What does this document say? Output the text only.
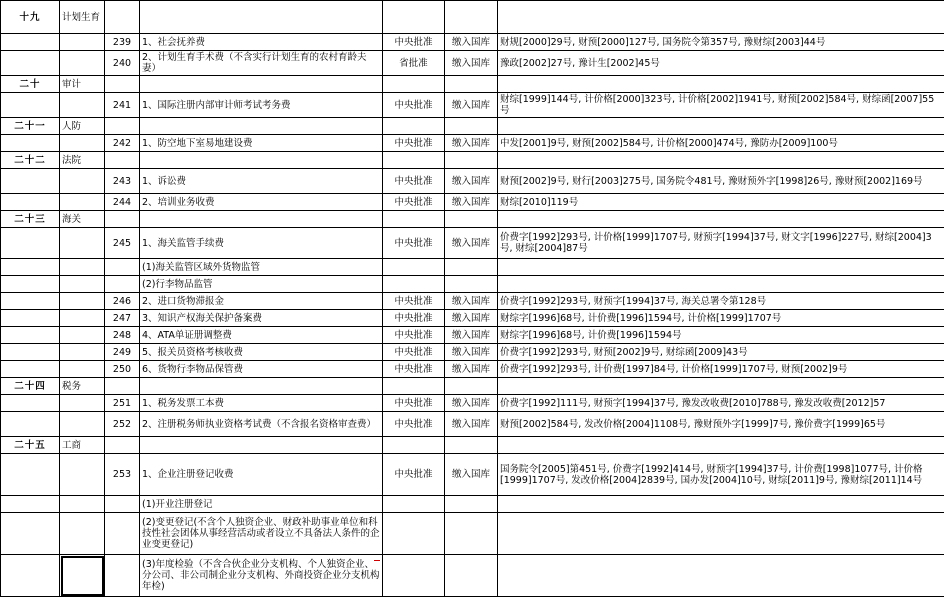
十九	计划生育					
		239	1、社会抚养费	中央批准	缴入国库	财规[2000]29号, 财预[2000]127号, 国务院令第357号, 豫财综[2003]44号
		240	2、计划生育手术费（不含实行计划生育的农村育龄夫妻）	省批准	缴入国库	豫政[2002]27号, 豫计生[2002]45号
二十	审计					
		241	1、国际注册内部审计师考试考务费	中央批准	缴入国库	财综[1999]144号, 计价格[2000]323号, 计价格[2002]1941号, 财预[2002]584号, 财综函[2007]55号
二十一	人防					
		242	1、防空地下室易地建设费	中央批准	缴入国库	中发[2001]9号, 财预[2002]584号, 计价格[2000]474号, 豫防办[2009]100号
二十二	法院					
		243	1、诉讼费	中央批准	缴入国库	财预[2002]9号, 财行[2003]275号, 国务院令481号, 豫财预外字[1998]26号, 豫财预[2002]169号
		244	2、培训业务收费	中央批准	缴入国库	财综[2010]119号
二十三	海关					
		245	1、海关监管手续费	中央批准	缴入国库	价费字[1992]293号, 计价格[1999]1707号, 财预字[1994]37号, 财文字[1996]227号, 财综[2004]3号, 财综[2004]87号
			(1)海关监管区域外货物监管			
			(2)行李物品监管			
		246	2、进口货物滞报金	中央批准	缴入国库	价费字[1992]293号, 财预字[1994]37号, 海关总署令第128号
		247	3、知识产权海关保护备案费	中央批准	缴入国库	财综字[1996]68号, 计价费[1996]1594号, 计价格[1999]1707号
		248	4、ATA单证册调整费	中央批准	缴入国库	财综字[1996]68号, 计价费[1996]1594号
		249	5、报关员资格考核收费	中央批准	缴入国库	价费字[1992]293号, 财预[2002]9号, 财综函[2009]43号
		250	6、货物行李物品保管费	中央批准	缴入国库	价费字[1992]293号, 计价费[1997]84号, 计价格[1999]1707号, 财预[2002]9号
二十四	税务					
		251	1、税务发票工本费	中央批准	缴入国库	价费字[1992]111号, 财预字[1994]37号, 豫发改收费[2010]788号, 豫发改收费[2012]57
		252	2、注册税务师执业资格考试费（不含报名资格审查费）	中央批准	缴入国库	财预[2002]584号, 发改价格[2004]1108号, 豫财预外字[1999]7号, 豫价费字[1999]65号
二十五	工商					
		253	1、企业注册登记收费	中央批准	缴入国库	国务院令[2005]第451号, 价费字[1992]414号, 财预字[1994]37号, 计价费[1998]1077号, 计价格[1999]1707号, 发改价格[2004]2839号, 国办发[2004]10号, 财综[2011]9号, 豫财综[2011]14号
			(1)开业注册登记			
			(2)变更登记(不含个人独资企业、财政补助事业单位和科技性社会团体从事经营活动或者设立不具备法人条件的企业变更登记)			
			(3)年度检验（不含合伙企业分支机构、个人独资企业、分公司、非公司制企业分支机构、外商投资企业分支机构年检)			
